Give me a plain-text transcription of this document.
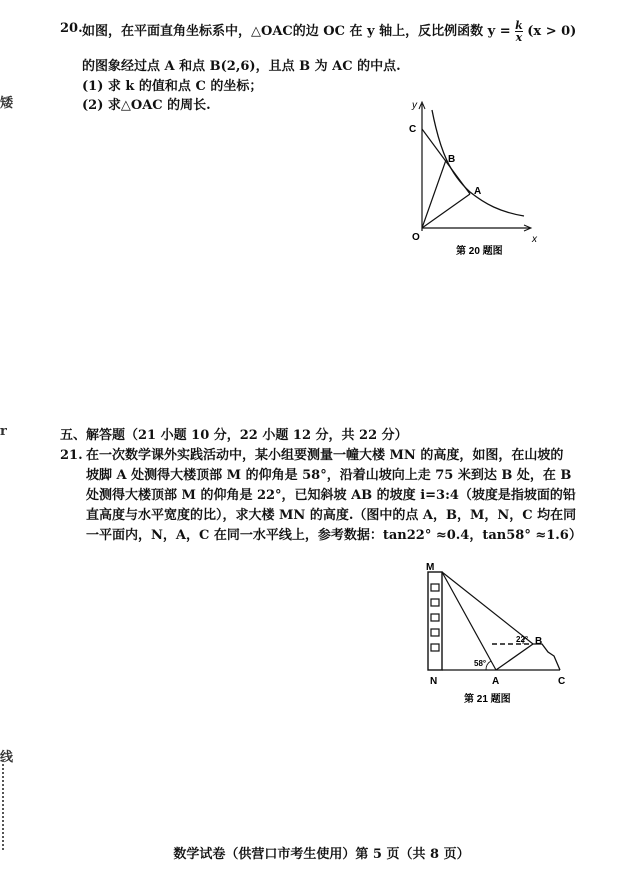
矮
r
线
20. 如图，在平面直角坐标系中，△OAC的边 OC 在 y 轴上，反比例函数 $y = \frac{k}{x} (x > 0)$
的图象经过点 A 和点 B(2,6)，且点 B 为 AC 的中点.
(1) 求 k 的值和点 C 的坐标；
(2) 求△OAC 的周长.	y
C
B
A
O	x
第 20 题图
五、解答题（21 小题 10 分，22 小题 12 分，共 22 分）
21. 在一次数学课外实践活动中，某小组要测量一幢大楼 MN 的高度，如图，在山坡的
坡脚 A 处测得大楼顶部 M 的仰角是 58°，沿着山坡向上走 75 米到达 B 处，在 B
处测得大楼顶部 M 的仰角是 22°，已知斜坡 AB 的坡度 i=3:4（坡度是指坡面的铅
直高度与水平宽度的比），求大楼 MN 的高度.（图中的点 A，B，M，N，C 均在同
一平面内，N，A，C 在同一水平线上，参考数据：tan22° ≈0.4，tan58° ≈1.6）
M
N	A
B
C
58°
22°
第 21 题图
数学试卷（供营口市考生使用）第 5 页（共 8 页）
